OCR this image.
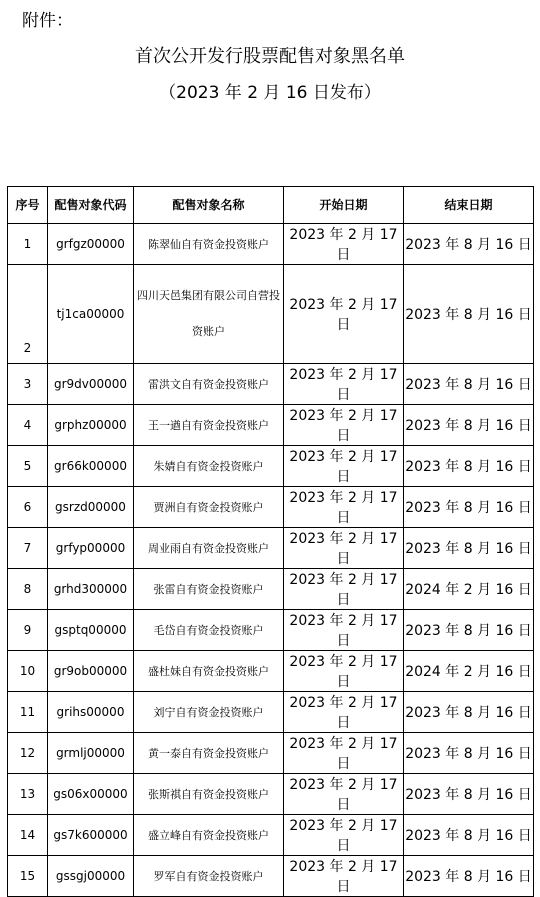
附件：
首次公开发行股票配售对象黑名单
（2023 年 2 月 16 日发布）
序号	配售对象代码	配售对象名称	开始日期	结束日期
1	grfgz00000	陈翠仙自有资金投资账户	2023 年 2 月 17 日	2023 年 8 月 16 日
2	tj1ca00000	四川天邑集团有限公司自营投资账户	2023 年 2 月 17 日	2023 年 8 月 16 日
3	gr9dv00000	雷洪文自有资金投资账户	2023 年 2 月 17 日	2023 年 8 月 16 日
4	grphz00000	王一遒自有资金投资账户	2023 年 2 月 17 日	2023 年 8 月 16 日
5	gr66k00000	朱婧自有资金投资账户	2023 年 2 月 17 日	2023 年 8 月 16 日
6	gsrzd00000	贾洲自有资金投资账户	2023 年 2 月 17 日	2023 年 8 月 16 日
7	grfyp00000	周业雨自有资金投资账户	2023 年 2 月 17 日	2023 年 8 月 16 日
8	grhd300000	张雷自有资金投资账户	2023 年 2 月 17 日	2024 年 2 月 16 日
9	gsptq00000	毛岱自有资金投资账户	2023 年 2 月 17 日	2023 年 8 月 16 日
10	gr9ob00000	盛杜妹自有资金投资账户	2023 年 2 月 17 日	2024 年 2 月 16 日
11	grihs00000	刘宁自有资金投资账户	2023 年 2 月 17 日	2023 年 8 月 16 日
12	grmlj00000	黄一泰自有资金投资账户	2023 年 2 月 17 日	2023 年 8 月 16 日
13	gs06x00000	张斯祺自有资金投资账户	2023 年 2 月 17 日	2023 年 8 月 16 日
14	gs7k600000	盛立峰自有资金投资账户	2023 年 2 月 17 日	2023 年 8 月 16 日
15	gssgj00000	罗军自有资金投资账户	2023 年 2 月 17 日	2023 年 8 月 16 日
